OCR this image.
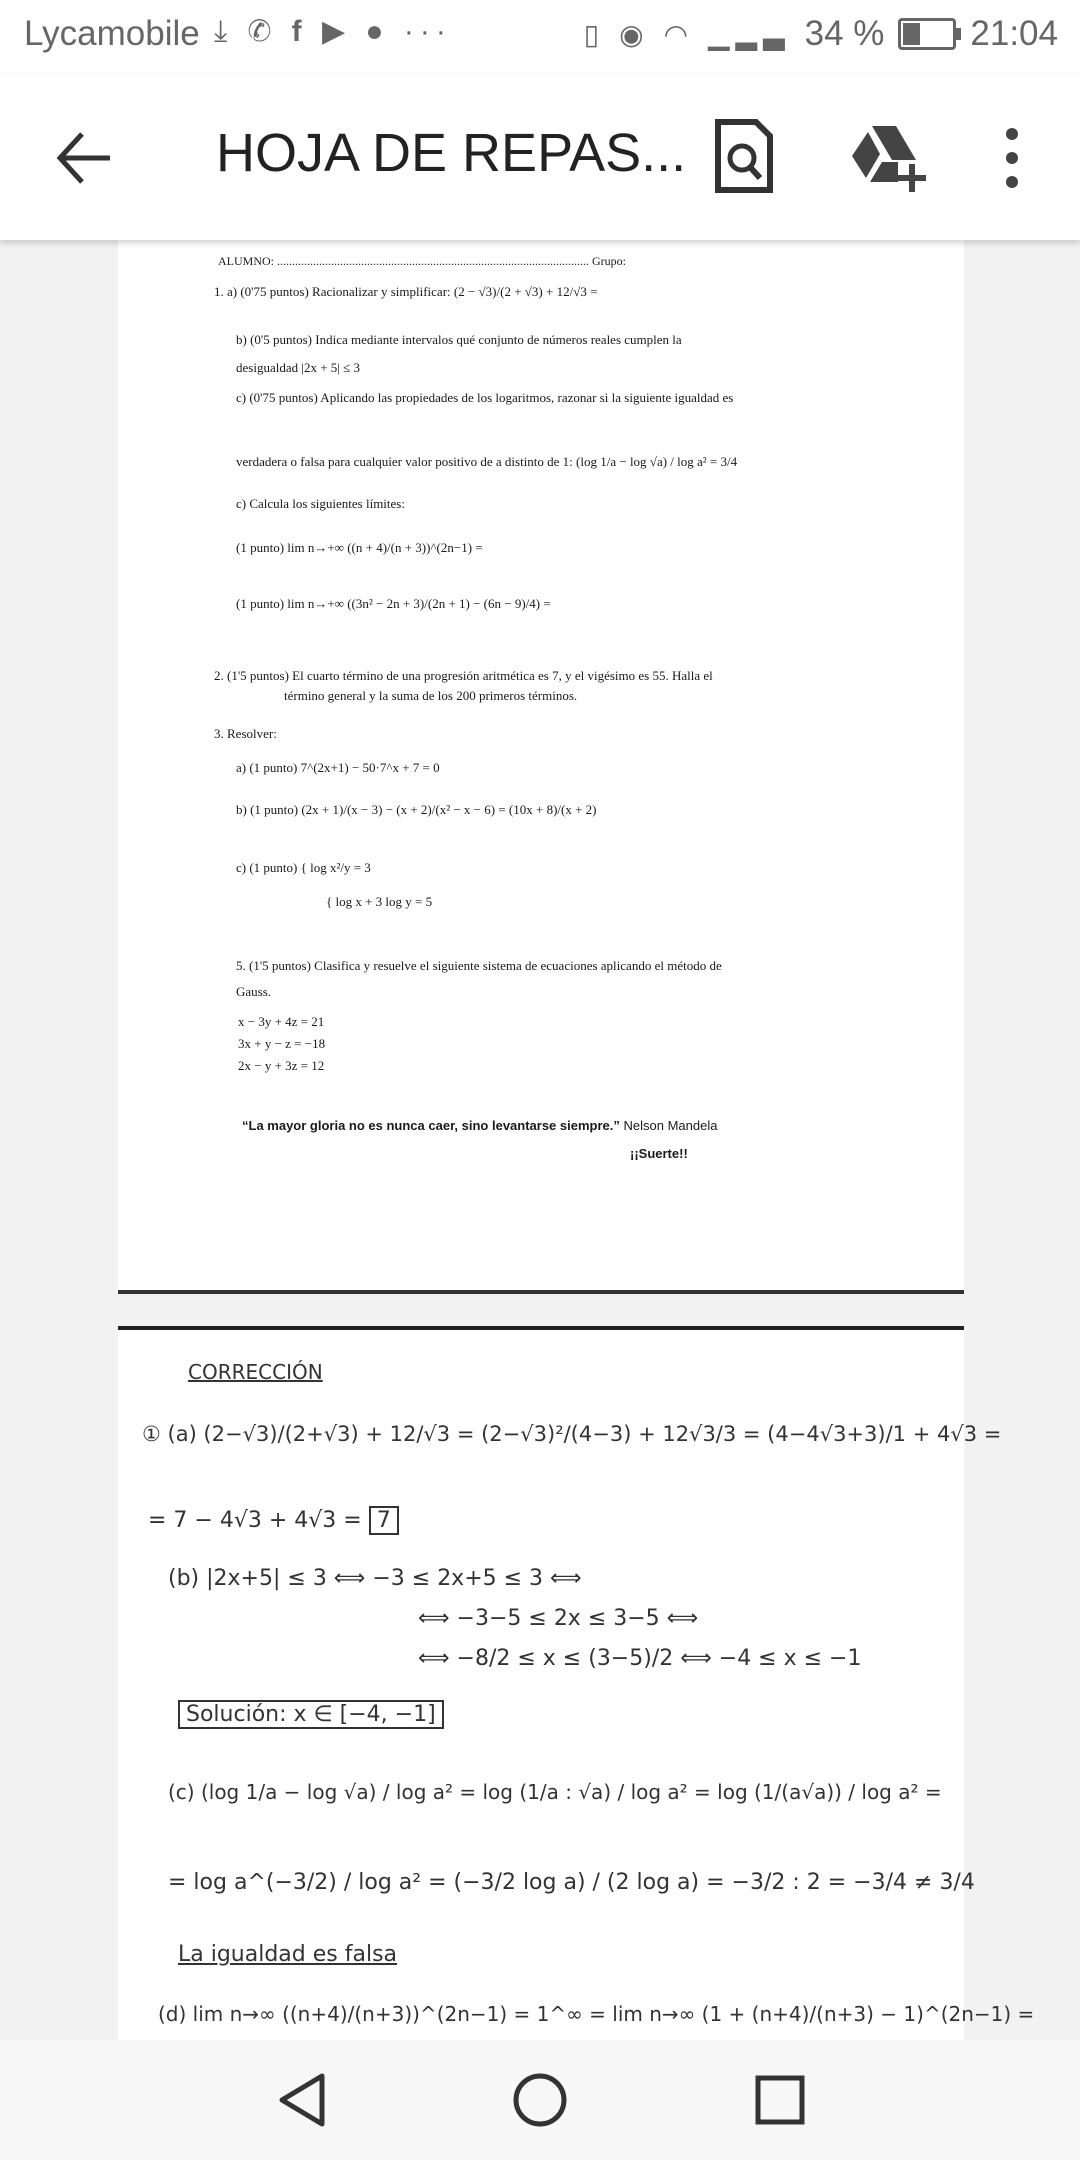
Lycamobile ⤓ ✆ f ▶ ● ···	▯ ◉ ◠ ▁▂▃ 34 % 21:04
HOJA DE REPAS...
ALUMNO: ........................................................................................................ Grupo:
1. a) (0'75 puntos) Racionalizar y simplificar: (2 − √3)/(2 + √3) + 12/√3 =
b) (0'5 puntos) Indica mediante intervalos qué conjunto de números reales cumplen la
desigualdad |2x + 5| ≤ 3
c) (0'75 puntos) Aplicando las propiedades de los logaritmos, razonar si la siguiente igualdad es
verdadera o falsa para cualquier valor positivo de a distinto de 1: (log 1/a − log √a) / log a² = 3/4
c) Calcula los siguientes límites:
(1 punto) lim n→+∞ ((n + 4)/(n + 3))^(2n−1) =
(1 punto) lim n→+∞ ((3n² − 2n + 3)/(2n + 1) − (6n − 9)/4) =
2. (1'5 puntos) El cuarto término de una progresión aritmética es 7, y el vigésimo es 55. Halla el
término general y la suma de los 200 primeros términos.
3. Resolver:
a) (1 punto) 7^(2x+1) − 50·7^x + 7 = 0
b) (1 punto) (2x + 1)/(x − 3) − (x + 2)/(x² − x − 6) = (10x + 8)/(x + 2)
c) (1 punto) { log x²/y = 3
{ log x + 3 log y = 5
5. (1'5 puntos) Clasifica y resuelve el siguiente sistema de ecuaciones aplicando el método de
Gauss.
x − 3y + 4z = 21
3x + y − z = −18
2x − y + 3z = 12
“La mayor gloria no es nunca caer, sino levantarse siempre.” Nelson Mandela
¡¡Suerte!!
CORRECCIÓN
① (a) (2−√3)/(2+√3) + 12/√3 = (2−√3)²/(4−3) + 12√3/3 = (4−4√3+3)/1 + 4√3 =
= 7 − 4√3 + 4√3 = 7
(b) |2x+5| ≤ 3 ⟺ −3 ≤ 2x+5 ≤ 3 ⟺
⟺ −3−5 ≤ 2x ≤ 3−5 ⟺
⟺ −8/2 ≤ x ≤ (3−5)/2 ⟺ −4 ≤ x ≤ −1
Solución: x ∈ [−4, −1]
(c) (log 1/a − log √a) / log a² = log (1/a : √a) / log a² = log (1/(a√a)) / log a² =
= log a^(−3/2) / log a² = (−3/2 log a) / (2 log a) = −3/2 : 2 = −3/4 ≠ 3/4
La igualdad es falsa
(d) lim n→∞ ((n+4)/(n+3))^(2n−1) = 1^∞ = lim n→∞ (1 + (n+4)/(n+3) − 1)^(2n−1) =
